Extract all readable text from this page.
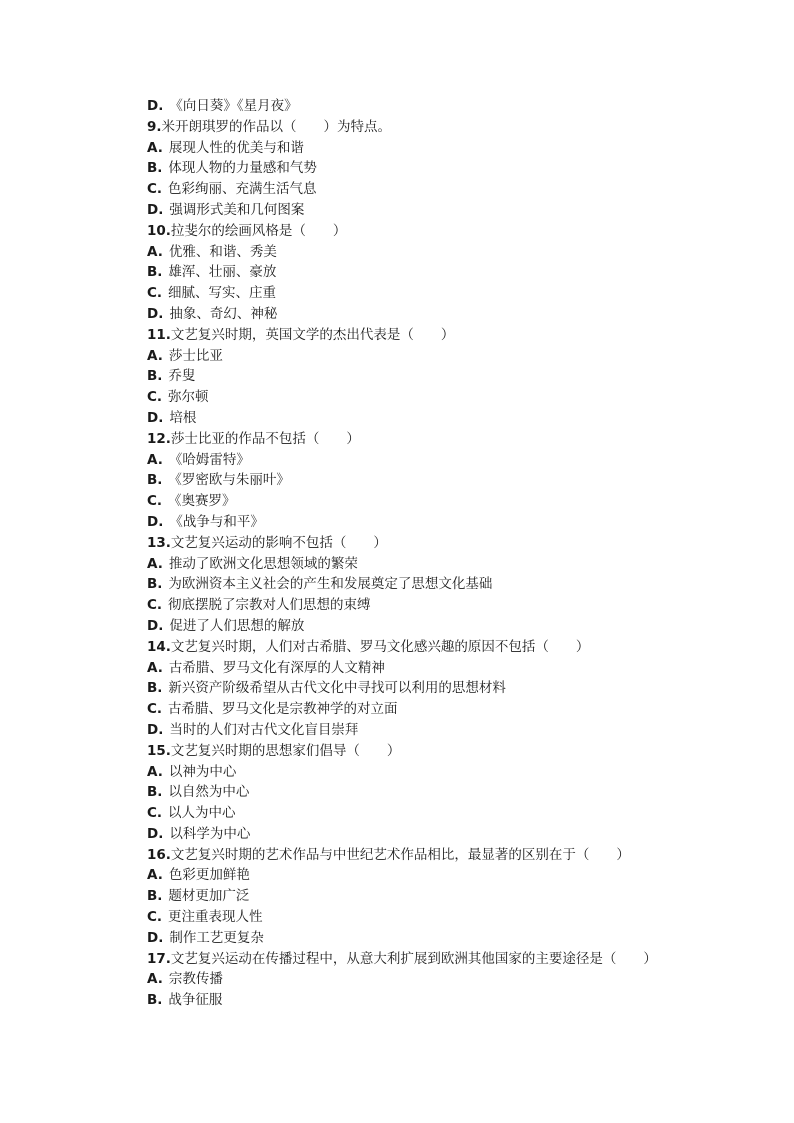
D. 《向日葵》《星月夜》
9.米开朗琪罗的作品以（　　）为特点。
A. 展现人性的优美与和谐
B. 体现人物的力量感和气势
C. 色彩绚丽、充满生活气息
D. 强调形式美和几何图案
10.拉斐尔的绘画风格是（　　）
A. 优雅、和谐、秀美
B. 雄浑、壮丽、豪放
C. 细腻、写实、庄重
D. 抽象、奇幻、神秘
11.文艺复兴时期，英国文学的杰出代表是（　　）
A. 莎士比亚
B. 乔叟
C. 弥尔顿
D. 培根
12.莎士比亚的作品不包括（　　）
A. 《哈姆雷特》
B. 《罗密欧与朱丽叶》
C. 《奥赛罗》
D. 《战争与和平》
13.文艺复兴运动的影响不包括（　　）
A. 推动了欧洲文化思想领域的繁荣
B. 为欧洲资本主义社会的产生和发展奠定了思想文化基础
C. 彻底摆脱了宗教对人们思想的束缚
D. 促进了人们思想的解放
14.文艺复兴时期，人们对古希腊、罗马文化感兴趣的原因不包括（　　）
A. 古希腊、罗马文化有深厚的人文精神
B. 新兴资产阶级希望从古代文化中寻找可以利用的思想材料
C. 古希腊、罗马文化是宗教神学的对立面
D. 当时的人们对古代文化盲目崇拜
15.文艺复兴时期的思想家们倡导（　　）
A. 以神为中心
B. 以自然为中心
C. 以人为中心
D. 以科学为中心
16.文艺复兴时期的艺术作品与中世纪艺术作品相比，最显著的区别在于（　　）
A. 色彩更加鲜艳
B. 题材更加广泛
C. 更注重表现人性
D. 制作工艺更复杂
17.文艺复兴运动在传播过程中，从意大利扩展到欧洲其他国家的主要途径是（　　）
A. 宗教传播
B. 战争征服
